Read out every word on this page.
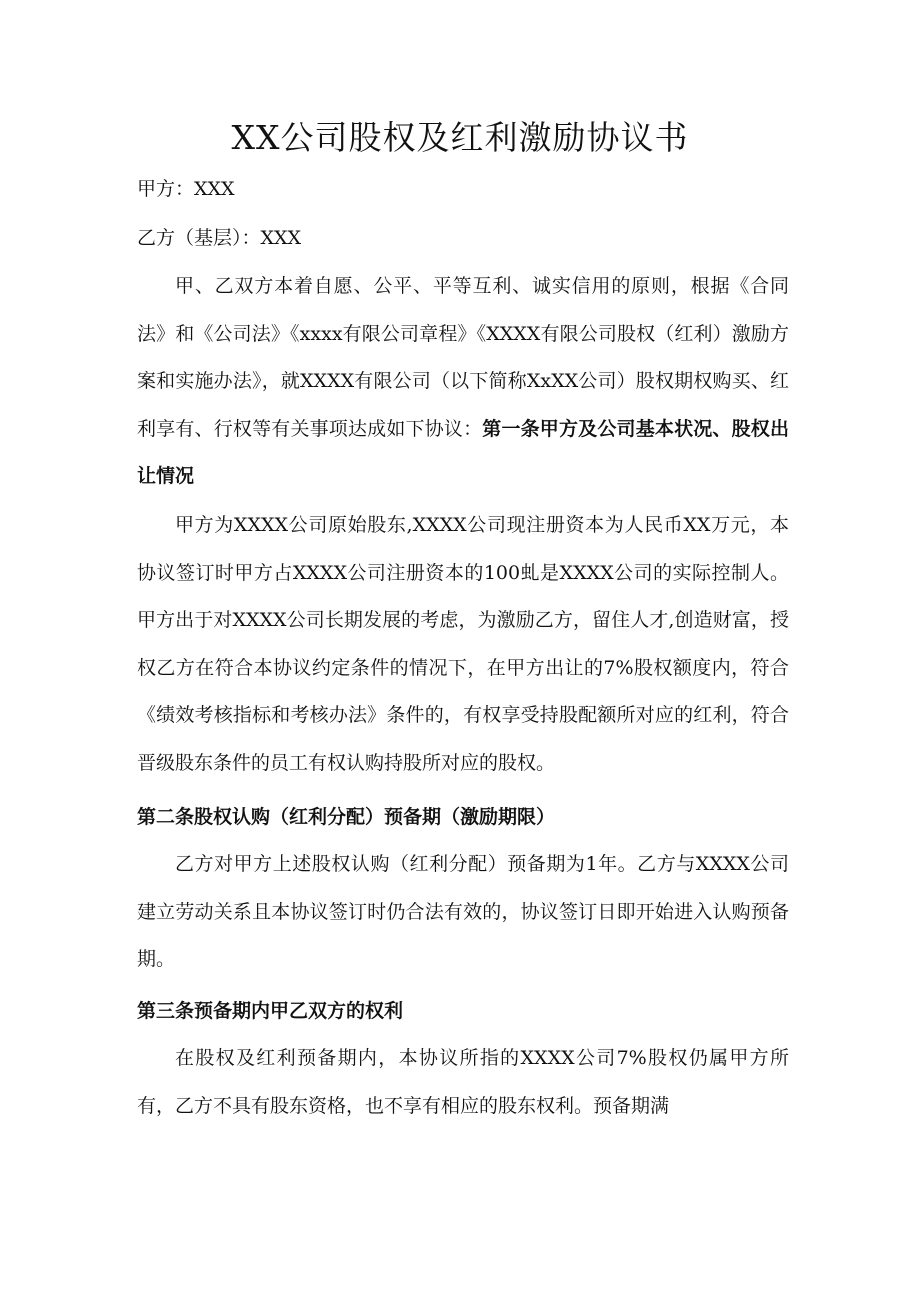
XX公司股权及红利激励协议书

甲方：XXX

乙方（基层）：XXX

甲、乙双方本着自愿、公平、平等互利、诚实信用的原则，根据《合同法》和《公司法》《xxxx有限公司章程》《XXXX有限公司股权（红利）激励方案和实施办法》，就XXXX有限公司（以下简称XxXX公司）股权期权购买、红利享有、行权等有关事项达成如下协议：第一条甲方及公司基本状况、股权出让情况

甲方为XXXX公司原始股东,XXXX公司现注册资本为人民币XX万元，本协议签订时甲方占XXXX公司注册资本的100虬是XXXX公司的实际控制人。甲方出于对XXXX公司长期发展的考虑，为激励乙方，留住人才,创造财富，授权乙方在符合本协议约定条件的情况下，在甲方出让的7%股权额度内，符合《绩效考核指标和考核办法》条件的，有权享受持股配额所对应的红利，符合晋级股东条件的员工有权认购持股所对应的股权。

第二条股权认购（红利分配）预备期（激励期限）

乙方对甲方上述股权认购（红利分配）预备期为1年。乙方与XXXX公司建立劳动关系且本协议签订时仍合法有效的，协议签订日即开始进入认购预备期。

第三条预备期内甲乙双方的权利

在股权及红利预备期内，本协议所指的XXXX公司7%股权仍属甲方所有，乙方不具有股东资格，也不享有相应的股东权利。预备期满
